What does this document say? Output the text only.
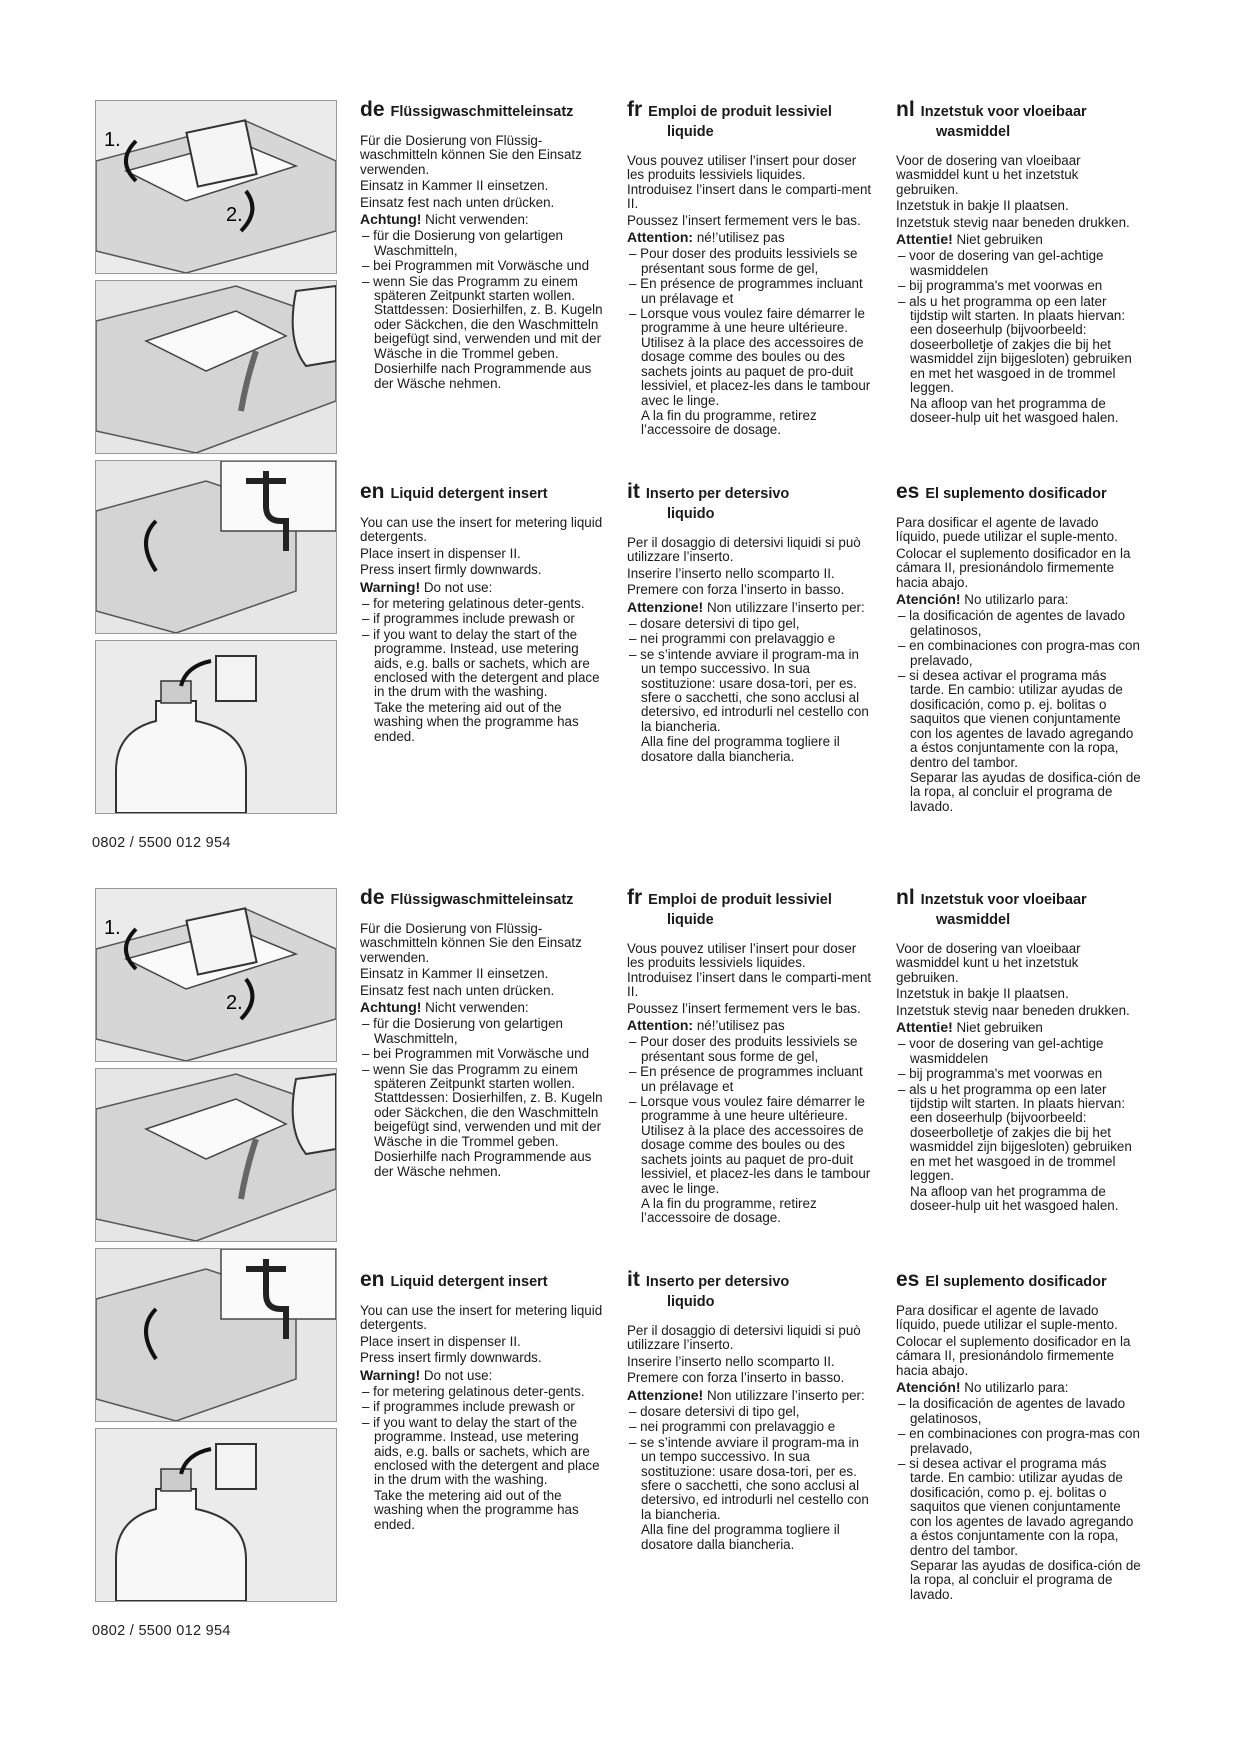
1.
2.
0802 / 5500 012 954
de Flüssigwaschmitteleinsatz
Für die Dosierung von Flüssig-waschmitteln können Sie den Einsatz verwenden.
Einsatz in Kammer II einsetzen.
Einsatz fest nach unten drücken.
Achtung! Nicht verwenden:
– für die Dosierung von gelartigen Waschmitteln,
– bei Programmen mit Vorwäsche und
– wenn Sie das Programm zu einem späteren Zeitpunkt starten wollen. Stattdessen: Dosierhilfen, z. B. Kugeln oder Säckchen, die den Waschmitteln beigefügt sind, verwenden und mit der Wäsche in die Trommel geben.
Dosierhilfe nach Programmende aus der Wäsche nehmen.
fr Emploi de produit lessiviel
liquide
Vous pouvez utiliser l’insert pour doser les produits lessiviels liquides. Introduisez l’insert dans le comparti-ment II.
Poussez l’insert fermement vers le bas.
Attention: né!’utilisez pas
– Pour doser des produits lessiviels se présentant sous forme de gel,
– En présence de programmes incluant un prélavage et
– Lorsque vous voulez faire démarrer le programme à une heure ultérieure. Utilisez à la place des accessoires de dosage comme des boules ou des sachets joints au paquet de pro-duit lessiviel, et placez-les dans le tambour avec le linge.
A la fin du programme, retirez l’accessoire de dosage.
nl Inzetstuk voor vloeibaar
wasmiddel
Voor de dosering van vloeibaar wasmiddel kunt u het inzetstuk gebruiken.
Inzetstuk in bakje II plaatsen.
Inzetstuk stevig naar beneden drukken.
Attentie! Niet gebruiken
– voor de dosering van gel-achtige wasmiddelen
– bij programma's met voorwas en
– als u het programma op een later tijdstip wilt starten. In plaats hiervan: een doseerhulp (bijvoorbeeld: doseerbolletje of zakjes die bij het wasmiddel zijn bijgesloten) gebruiken en met het wasgoed in de trommel leggen.
Na afloop van het programma de doseer-hulp uit het wasgoed halen.
en Liquid detergent insert
You can use the insert for metering liquid detergents.
Place insert in dispenser II.
Press insert firmly downwards.
Warning! Do not use:
– for metering gelatinous deter-gents.
– if programmes include prewash or
– if you want to delay the start of the programme. Instead, use metering aids, e.g. balls or sachets, which are enclosed with the detergent and place in the drum with the washing.
Take the metering aid out of the washing when the programme has ended.
it Inserto per detersivo
liquido
Per il dosaggio di detersivi liquidi si può utilizzare l’inserto.
Inserire l’inserto nello scomparto II.
Premere con forza l’inserto in basso.
Attenzione! Non utilizzare l’inserto per:
– dosare detersivi di tipo gel,
– nei programmi con prelavaggio e
– se s’intende avviare il program-ma in un tempo successivo. In sua sostituzione: usare dosa-tori, per es. sfere o sacchetti, che sono acclusi al detersivo, ed introdurli nel cestello con la biancheria.
Alla fine del programma togliere il dosatore dalla biancheria.
es El suplemento dosificador
Para dosificar el agente de lavado líquido, puede utilizar el suple-mento.
Colocar el suplemento dosificador en la cámara II, presionándolo firmemente hacia abajo.
Atención! No utilizarlo para:
– la dosificación de agentes de lavado gelatinosos,
– en combinaciones con progra-mas con prelavado,
– si desea activar el programa más tarde. En cambio: utilizar ayudas de dosificación, como p. ej. bolitas o saquitos que vienen conjuntamente con los agentes de lavado agregando a éstos conjuntamente con la ropa, dentro del tambor.
Separar las ayudas de dosifica-ción de la ropa, al concluir el programa de lavado.
1.
2.
0802 / 5500 012 954
de Flüssigwaschmitteleinsatz
Für die Dosierung von Flüssig-waschmitteln können Sie den Einsatz verwenden.
Einsatz in Kammer II einsetzen.
Einsatz fest nach unten drücken.
Achtung! Nicht verwenden:
– für die Dosierung von gelartigen Waschmitteln,
– bei Programmen mit Vorwäsche und
– wenn Sie das Programm zu einem späteren Zeitpunkt starten wollen. Stattdessen: Dosierhilfen, z. B. Kugeln oder Säckchen, die den Waschmitteln beigefügt sind, verwenden und mit der Wäsche in die Trommel geben.
Dosierhilfe nach Programmende aus der Wäsche nehmen.
fr Emploi de produit lessiviel
liquide
Vous pouvez utiliser l’insert pour doser les produits lessiviels liquides. Introduisez l’insert dans le comparti-ment II.
Poussez l’insert fermement vers le bas.
Attention: né!’utilisez pas
– Pour doser des produits lessiviels se présentant sous forme de gel,
– En présence de programmes incluant un prélavage et
– Lorsque vous voulez faire démarrer le programme à une heure ultérieure. Utilisez à la place des accessoires de dosage comme des boules ou des sachets joints au paquet de pro-duit lessiviel, et placez-les dans le tambour avec le linge.
A la fin du programme, retirez l’accessoire de dosage.
nl Inzetstuk voor vloeibaar
wasmiddel
Voor de dosering van vloeibaar wasmiddel kunt u het inzetstuk gebruiken.
Inzetstuk in bakje II plaatsen.
Inzetstuk stevig naar beneden drukken.
Attentie! Niet gebruiken
– voor de dosering van gel-achtige wasmiddelen
– bij programma's met voorwas en
– als u het programma op een later tijdstip wilt starten. In plaats hiervan: een doseerhulp (bijvoorbeeld: doseerbolletje of zakjes die bij het wasmiddel zijn bijgesloten) gebruiken en met het wasgoed in de trommel leggen.
Na afloop van het programma de doseer-hulp uit het wasgoed halen.
en Liquid detergent insert
You can use the insert for metering liquid detergents.
Place insert in dispenser II.
Press insert firmly downwards.
Warning! Do not use:
– for metering gelatinous deter-gents.
– if programmes include prewash or
– if you want to delay the start of the programme. Instead, use metering aids, e.g. balls or sachets, which are enclosed with the detergent and place in the drum with the washing.
Take the metering aid out of the washing when the programme has ended.
it Inserto per detersivo
liquido
Per il dosaggio di detersivi liquidi si può utilizzare l’inserto.
Inserire l’inserto nello scomparto II.
Premere con forza l’inserto in basso.
Attenzione! Non utilizzare l’inserto per:
– dosare detersivi di tipo gel,
– nei programmi con prelavaggio e
– se s’intende avviare il program-ma in un tempo successivo. In sua sostituzione: usare dosa-tori, per es. sfere o sacchetti, che sono acclusi al detersivo, ed introdurli nel cestello con la biancheria.
Alla fine del programma togliere il dosatore dalla biancheria.
es El suplemento dosificador
Para dosificar el agente de lavado líquido, puede utilizar el suple-mento.
Colocar el suplemento dosificador en la cámara II, presionándolo firmemente hacia abajo.
Atención! No utilizarlo para:
– la dosificación de agentes de lavado gelatinosos,
– en combinaciones con progra-mas con prelavado,
– si desea activar el programa más tarde. En cambio: utilizar ayudas de dosificación, como p. ej. bolitas o saquitos que vienen conjuntamente con los agentes de lavado agregando a éstos conjuntamente con la ropa, dentro del tambor.
Separar las ayudas de dosifica-ción de la ropa, al concluir el programa de lavado.
